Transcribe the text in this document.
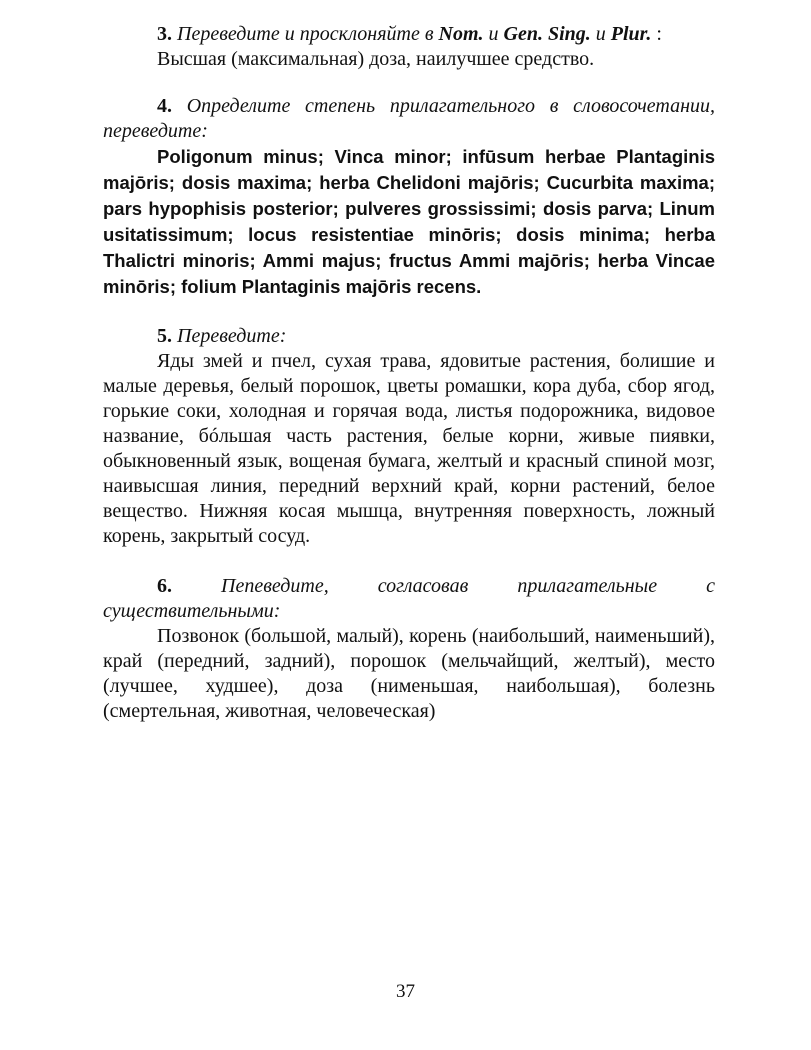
3. Переведите и просклоняйте в Nom. и Gen. Sing. и Plur. :

Высшая (максимальная) доза, наилучшее средство.

4. Определите степень прилагательного в словосочетании, переведите:

Poligonum minus; Vinca minor; infūsum herbae Plantaginis majōris; dosis maxima; herba Chelidoni majōris; Cucurbita maxima; pars hypophisis posterior; pulveres grossissimi; dosis parva; Linum usitatissimum; locus resistentiae minōris; dosis minima; herba Thalictri minoris; Ammi majus; fructus Ammi majōris; herba Vincae minōris; folium Plantaginis majōris recens.

5. Переведите:

Яды змей и пчел, сухая трава, ядовитые растения, болишие и малые деревья, белый порошок, цветы ромашки, кора дуба, сбор ягод, горькие соки, холодная и горячая вода, листья подорожника, видовое название, бóльшая часть растения, белые корни, живые пиявки, обыкновенный язык, вощеная бумага, желтый и красный спиной мозг, наивысшая линия, передний верхний край, корни растений, белое вещество. Нижняя косая мышца, внутренняя поверхность, ложный корень, закрытый сосуд.

6. Пепеведите, согласовав прилагательные с существительными:

Позвонок (большой, малый), корень (наибольший, наименьший), край (передний, задний), порошок (мельчайщий, желтый), место (лучшее, худшее), доза (нименьшая, наибольшая), болезнь (смертельная, животная, человеческая)

37
